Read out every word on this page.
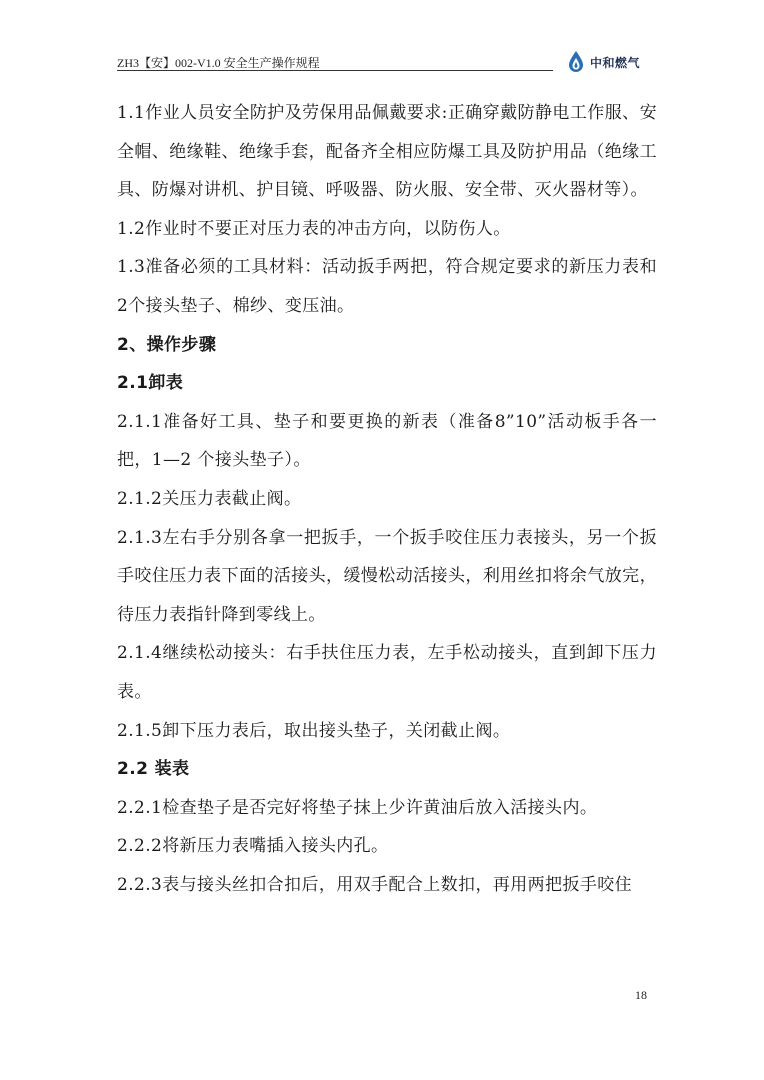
ZH3【安】002-V1.0 安全生产操作规程	中和燃气

1.1作业人员安全防护及劳保用品佩戴要求:正确穿戴防静电工作服、安全帽、绝缘鞋、绝缘手套，配备齐全相应防爆工具及防护用品（绝缘工具、防爆对讲机、护目镜、呼吸器、防火服、安全带、灭火器材等）。

1.2作业时不要正对压力表的冲击方向，以防伤人。

1.3准备必须的工具材料：活动扳手两把，符合规定要求的新压力表和2个接头垫子、棉纱、变压油。

2、操作步骤

2.1卸表

2.1.1准备好工具、垫子和要更换的新表（准备8”10”活动板手各一把，1—2 个接头垫子）。

2.1.2关压力表截止阀。

2.1.3左右手分别各拿一把扳手，一个扳手咬住压力表接头，另一个扳手咬住压力表下面的活接头，缓慢松动活接头，利用丝扣将余气放完，待压力表指针降到零线上。

2.1.4继续松动接头：右手扶住压力表，左手松动接头，直到卸下压力表。

2.1.5卸下压力表后，取出接头垫子，关闭截止阀。

2.2 装表

2.2.1检查垫子是否完好将垫子抹上少许黄油后放入活接头内。

2.2.2将新压力表嘴插入接头内孔。

2.2.3表与接头丝扣合扣后，用双手配合上数扣，再用两把扳手咬住

18
